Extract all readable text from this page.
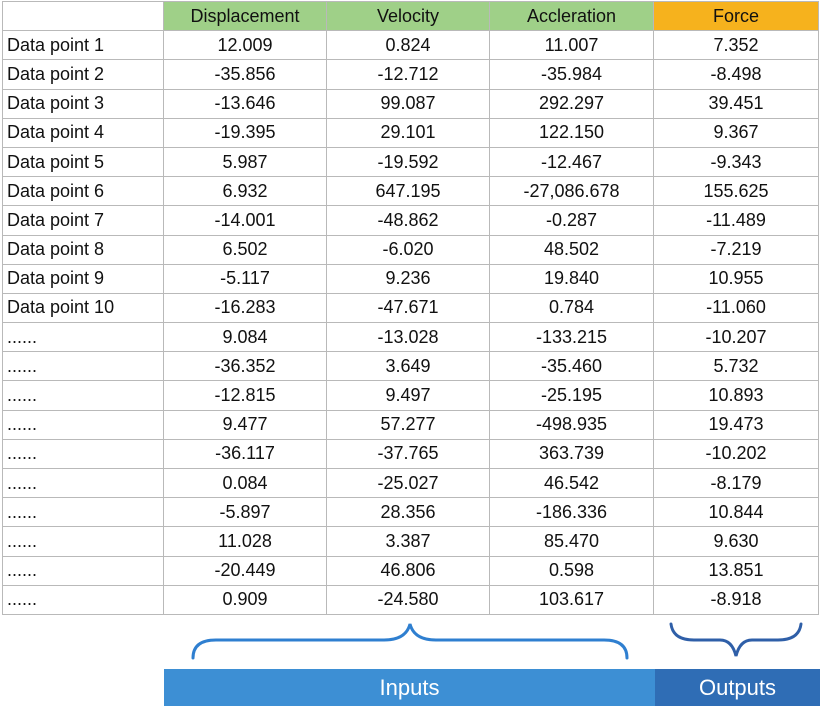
	Displacement	Velocity	Accleration	Force
Data point 1	12.009	0.824	11.007	7.352
Data point 2	-35.856	-12.712	-35.984	-8.498
Data point 3	-13.646	99.087	292.297	39.451
Data point 4	-19.395	29.101	122.150	9.367
Data point 5	5.987	-19.592	-12.467	-9.343
Data point 6	6.932	647.195	-27,086.678	155.625
Data point 7	-14.001	-48.862	-0.287	-11.489
Data point 8	6.502	-6.020	48.502	-7.219
Data point 9	-5.117	9.236	19.840	10.955
Data point 10	-16.283	-47.671	0.784	-11.060
......	9.084	-13.028	-133.215	-10.207
......	-36.352	3.649	-35.460	5.732
......	-12.815	9.497	-25.195	10.893
......	9.477	57.277	-498.935	19.473
......	-36.117	-37.765	363.739	-10.202
......	0.084	-25.027	46.542	-8.179
......	-5.897	28.356	-186.336	10.844
......	11.028	3.387	85.470	9.630
......	-20.449	46.806	0.598	13.851
......	0.909	-24.580	103.617	-8.918
Inputs	Outputs
